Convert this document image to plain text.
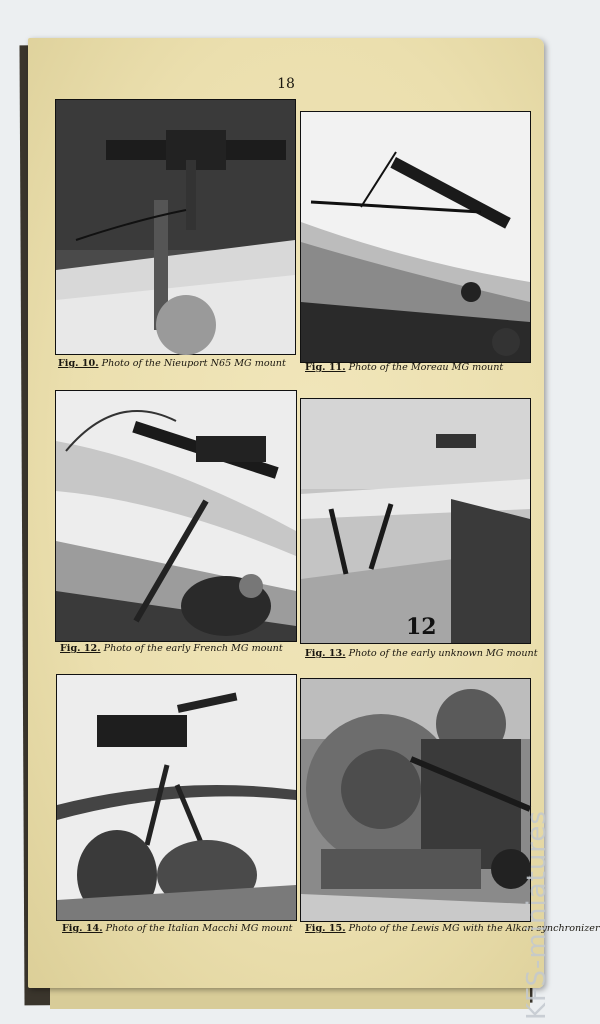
18
Fig. 10. Photo of the Nieuport N65 MG mount Fig. 11. Photo of the Moreau MG mount
Fig. 12. Photo of the early French MG mount
12
Fig. 13. Photo of the early unknown MG mount
Fig. 14. Photo of the Italian Macchi MG mount Fig. 15. Photo of the Lewis MG with the Alkan synchronizer
KFS-miniatures
